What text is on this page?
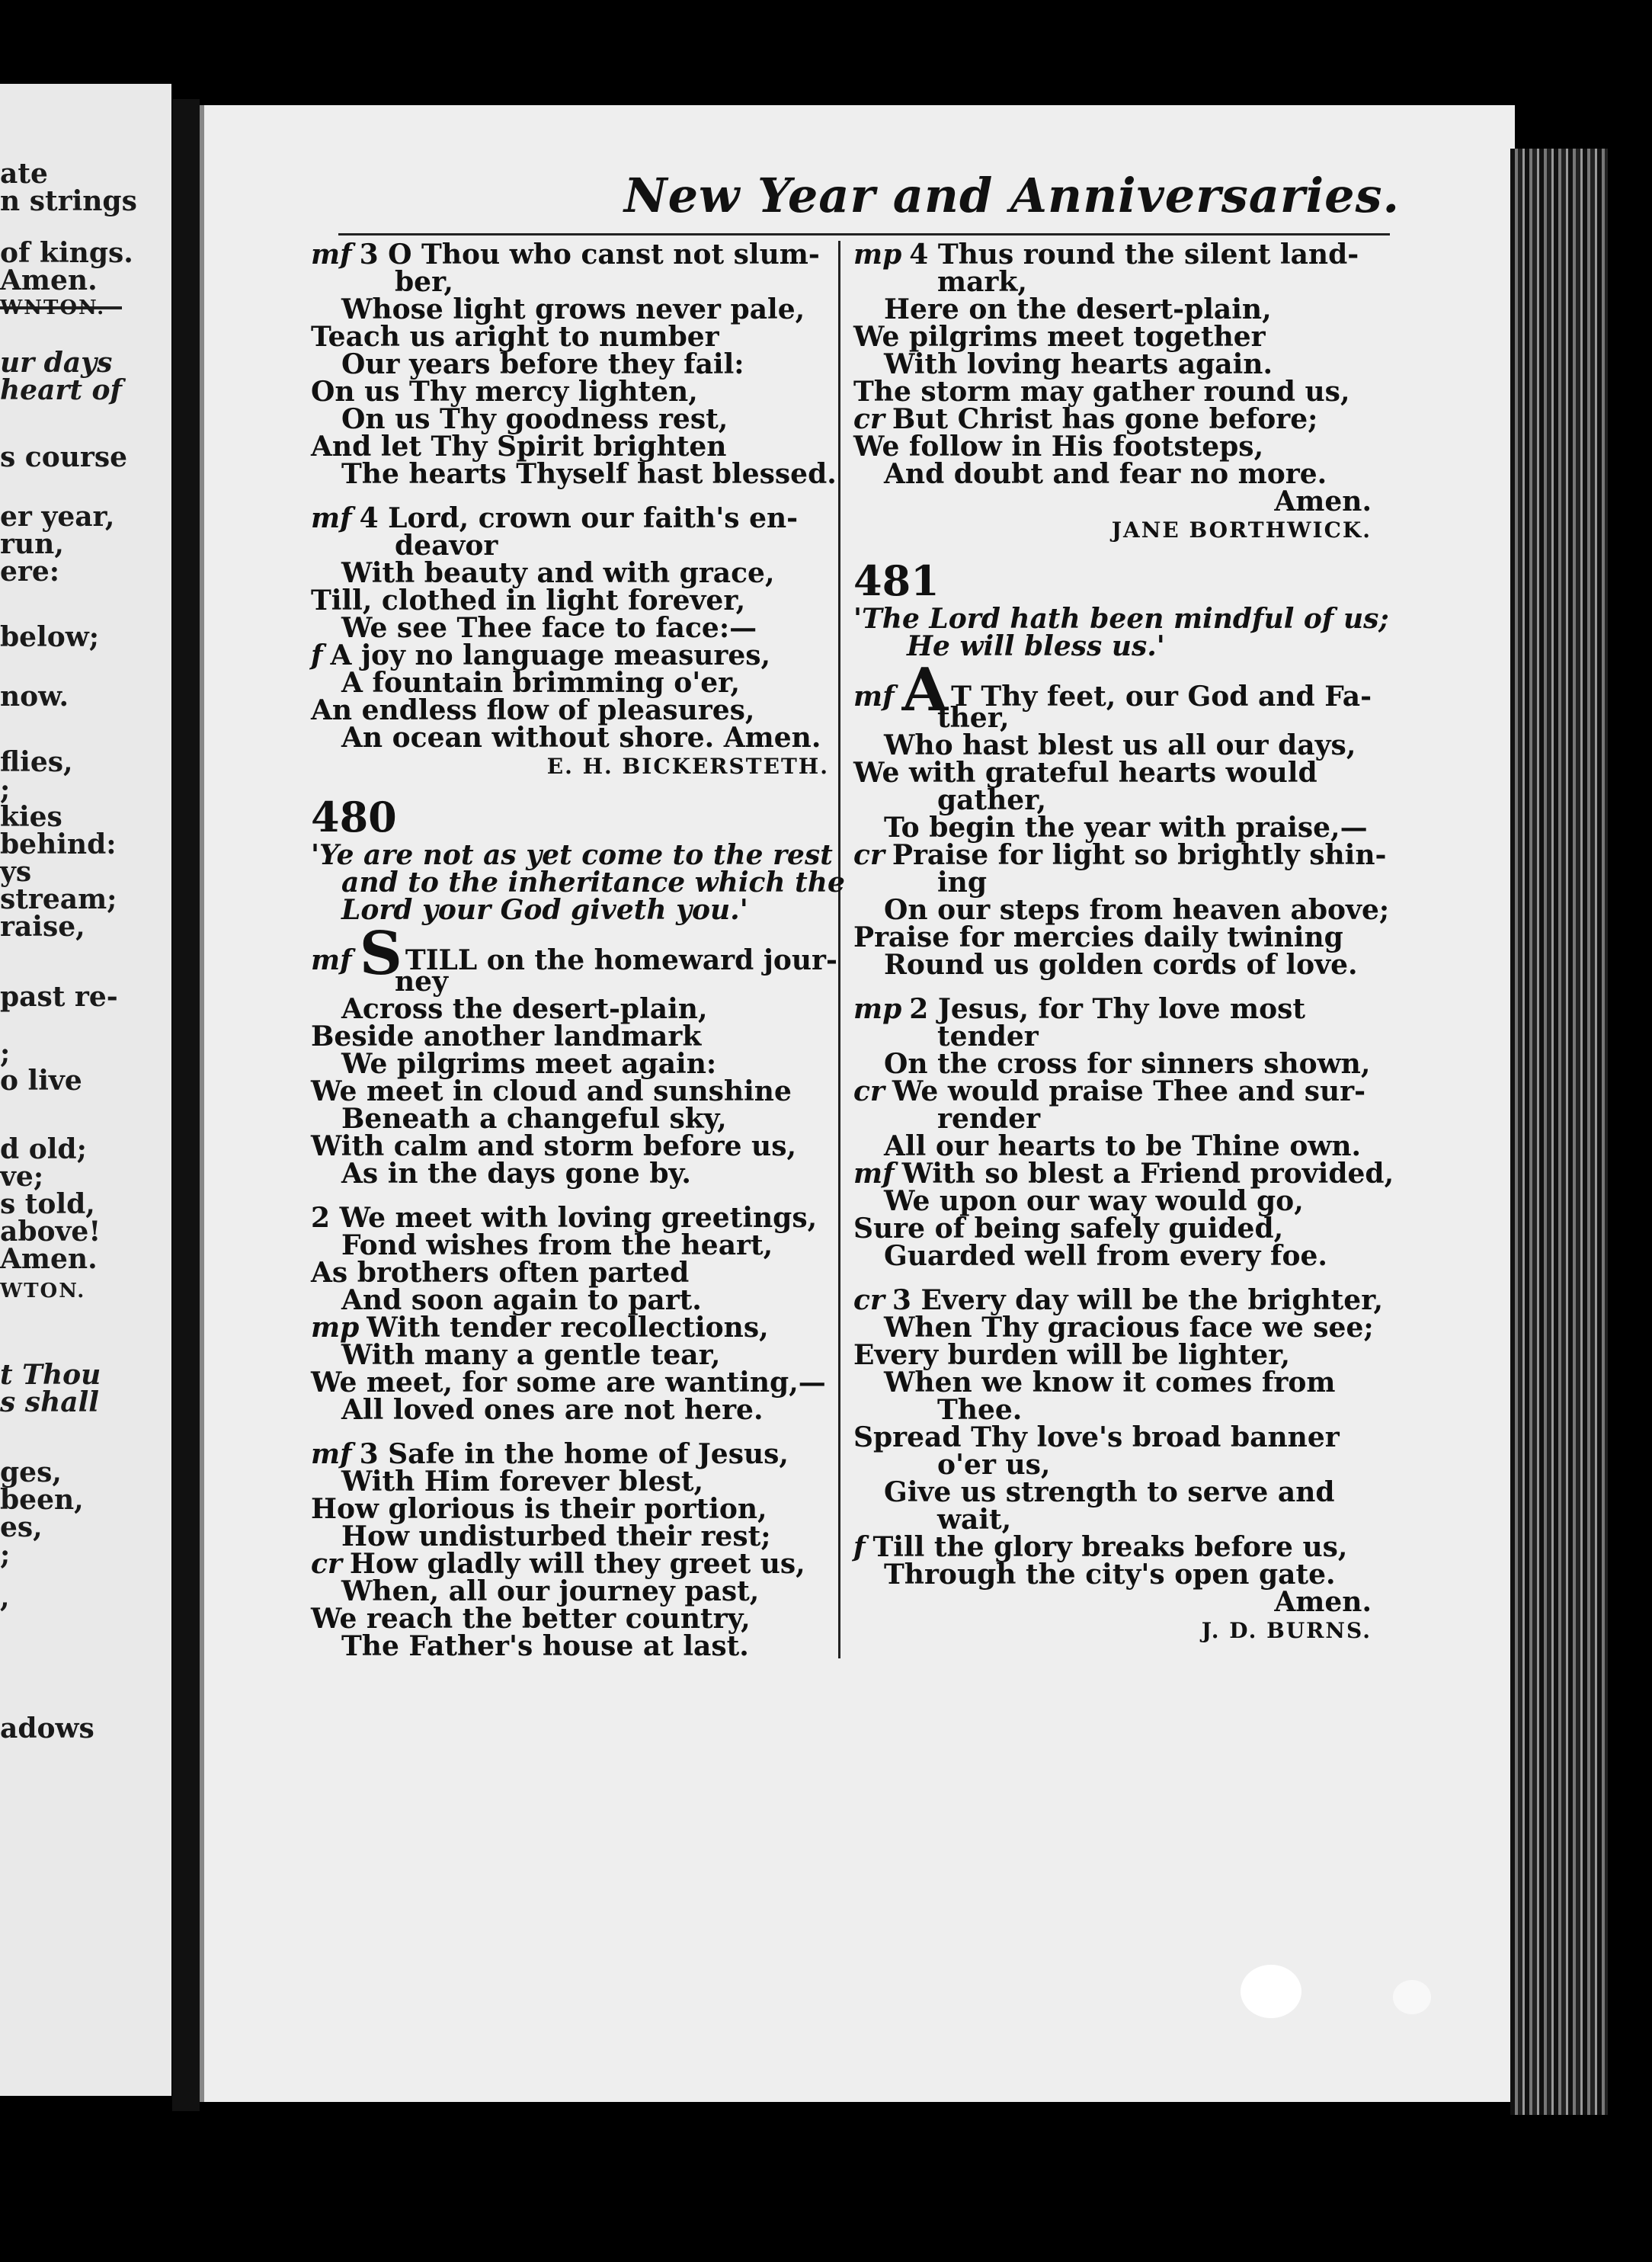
ate
n strings
of kings.
Amen.
WNTON.
ur days
heart of
s course
er year,
run,
ere:
below;
now.
flies,
;
kies
behind:
ys
stream;
raise,
past re-
;
o live
d old;
ve;
s told,
above!
Amen.
WTON.
t Thou
s shall
ges,
been,
es,
;
,
adows
New Year and Anniversaries.
mf 3 O Thou who canst not slum-
ber,
Whose light grows never pale,
Teach us aright to number
Our years before they fail:
On us Thy mercy lighten,
On us Thy goodness rest,
And let Thy Spirit brighten
The hearts Thyself hast blessed.
mf 4 Lord, crown our faith's en-
deavor
With beauty and with grace,
Till, clothed in light forever,
We see Thee face to face:—
f A joy no language measures,
A fountain brimming o'er,
An endless flow of pleasures,
An ocean without shore. Amen.
E. H. BICKERSTETH.
480
'Ye are not as yet come to the rest
and to the inheritance which the
Lord your God giveth you.'
mf S TILL on the homeward jour-
ney
Across the desert-plain,
Beside another landmark
We pilgrims meet again:
We meet in cloud and sunshine
Beneath a changeful sky,
With calm and storm before us,
As in the days gone by.
2 We meet with loving greetings,
Fond wishes from the heart,
As brothers often parted
And soon again to part.
mp With tender recollections,
With many a gentle tear,
We meet, for some are wanting,—
All loved ones are not here.
mf 3 Safe in the home of Jesus,
With Him forever blest,
How glorious is their portion,
How undisturbed their rest;
cr How gladly will they greet us,
When, all our journey past,
We reach the better country,
The Father's house at last.
mp 4 Thus round the silent land-
mark,
Here on the desert-plain,
We pilgrims meet together
With loving hearts again.
The storm may gather round us,
cr But Christ has gone before;
We follow in His footsteps,
And doubt and fear no more.
Amen.
JANE BORTHWICK.
481
'The Lord hath been mindful of us;
He will bless us.'
mf A T Thy feet, our God and Fa-
ther,
Who hast blest us all our days,
We with grateful hearts would
gather,
To begin the year with praise,—
cr Praise for light so brightly shin-
ing
On our steps from heaven above;
Praise for mercies daily twining
Round us golden cords of love.
mp 2 Jesus, for Thy love most
tender
On the cross for sinners shown,
cr We would praise Thee and sur-
render
All our hearts to be Thine own.
mf With so blest a Friend provided,
We upon our way would go,
Sure of being safely guided,
Guarded well from every foe.
cr 3 Every day will be the brighter,
When Thy gracious face we see;
Every burden will be lighter,
When we know it comes from
Thee.
Spread Thy love's broad banner
o'er us,
Give us strength to serve and
wait,
f Till the glory breaks before us,
Through the city's open gate.
Amen.
J. D. BURNS.
